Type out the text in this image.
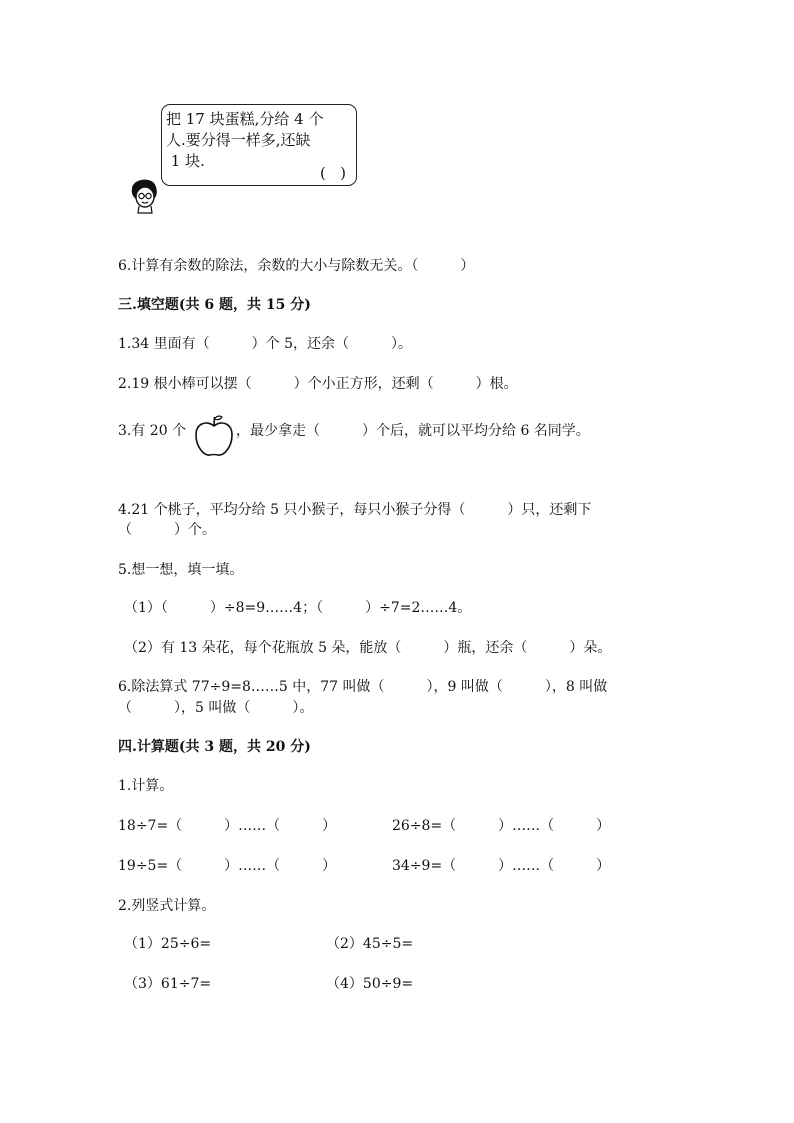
把 17 块蛋糕,分给 4 个
人.要分得一样多,还缺
1 块.
(   )
6.计算有余数的除法，余数的大小与除数无关。（　　　）
三.填空题(共 6 题，共 15 分)
1.34 里面有（　　　）个 5，还余（　　　）。
2.19 根小棒可以摆（　　　）个小正方形，还剩（　　　）根。
3.有 20 个	，最少拿走（　　　）个后，就可以平均分给 6 名同学。
4.21 个桃子，平均分给 5 只小猴子，每只小猴子分得（　　　）只，还剩下
（　　　）个。
5.想一想，填一填。
（1）（　　　）÷8=9……4；（　　　）÷7=2……4。
（2）有 13 朵花，每个花瓶放 5 朵，能放（　　　）瓶，还余（　　　）朵。
6.除法算式 77÷9=8……5 中，77 叫做（　　　），9 叫做（　　　），8 叫做
（　　　），5 叫做（　　　）。
四.计算题(共 3 题，共 20 分)
1.计算。
18÷7=（　　　）……（　　　）	26÷8=（　　　）……（　　　）
19÷5=（　　　）……（　　　）	34÷9=（　　　）……（　　　）
2.列竖式计算。
（1）25÷6=	（2）45÷5=
（3）61÷7=	（4）50÷9=
